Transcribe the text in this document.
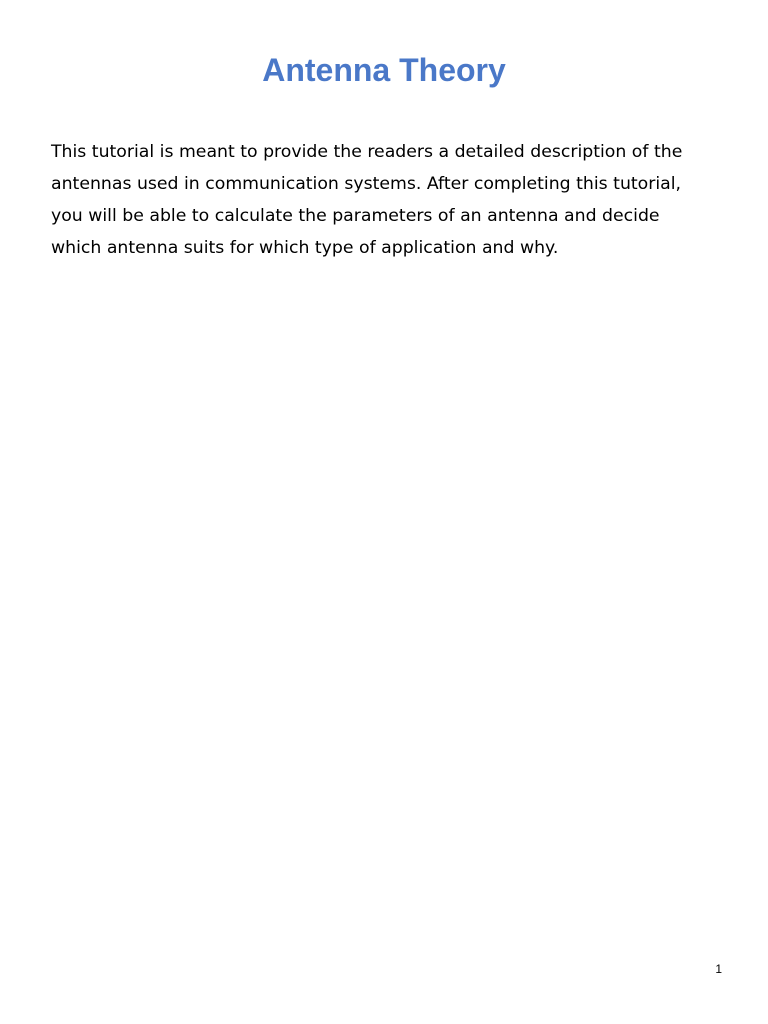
Antenna Theory

This tutorial is meant to provide the readers a detailed description of the
antennas used in communication systems. After completing this tutorial,
you will be able to calculate the parameters of an antenna and decide
which antenna suits for which type of application and why.

1
